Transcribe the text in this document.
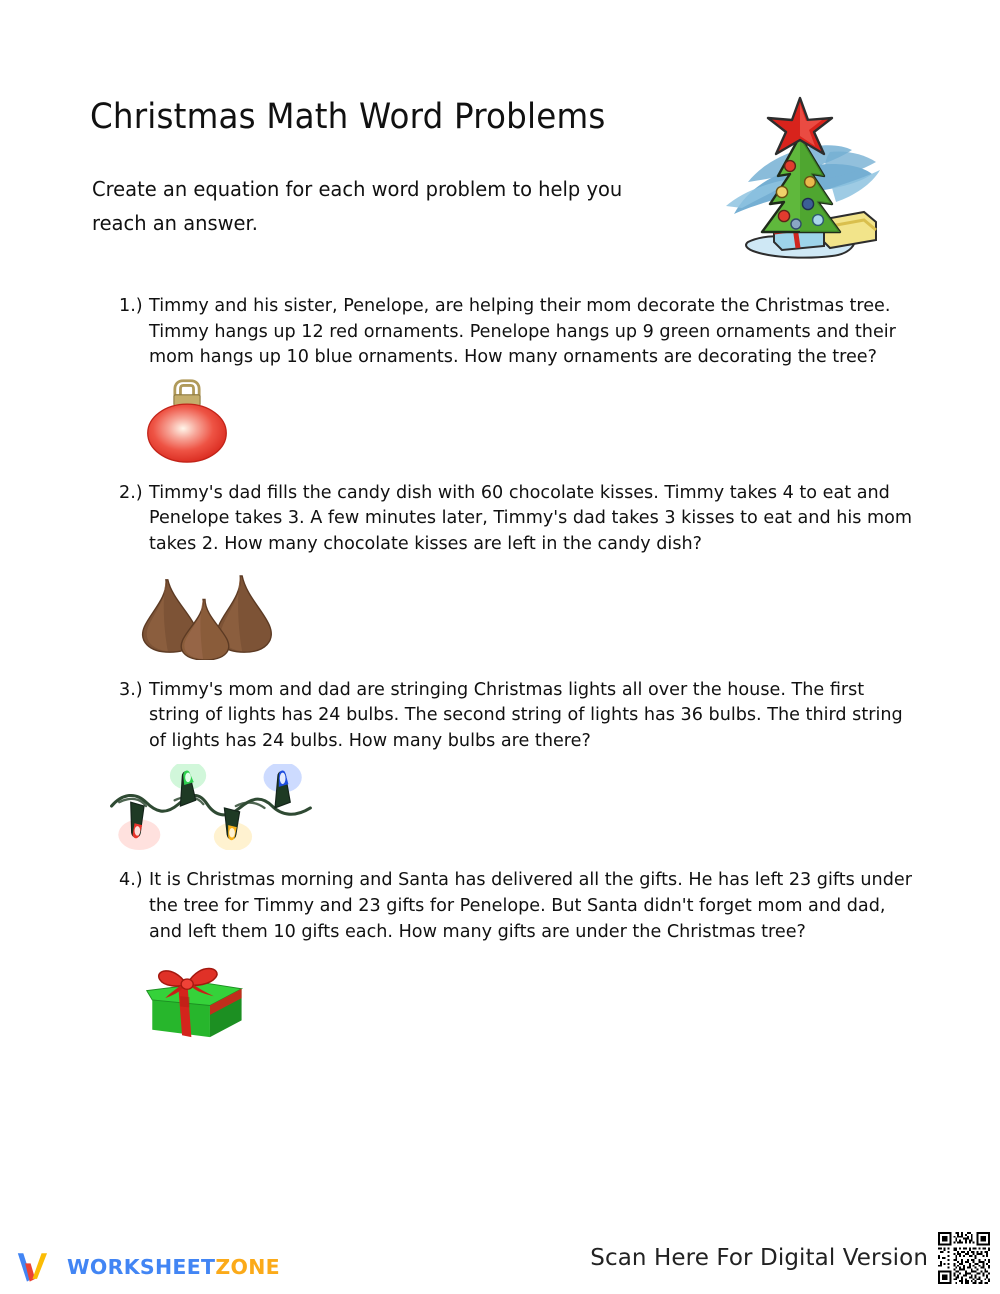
Christmas Math Word Problems
Create an equation for each word problem to help you reach an answer.
1.) Timmy and his sister, Penelope, are helping their mom decorate the Christmas tree. Timmy hangs up 12 red ornaments. Penelope hangs up 9 green ornaments and their mom hangs up 10 blue ornaments. How many ornaments are decorating the tree?
2.) Timmy's dad fills the candy dish with 60 chocolate kisses. Timmy takes 4 to eat and Penelope takes 3. A few minutes later, Timmy's dad takes 3 kisses to eat and his mom takes 2. How many chocolate kisses are left in the candy dish?
3.) Timmy's mom and dad are stringing Christmas lights all over the house. The first string of lights has 24 bulbs. The second string of lights has 36 bulbs. The third string of lights has 24 bulbs. How many bulbs are there?
4.) It is Christmas morning and Santa has delivered all the gifts. He has left 23 gifts under the tree for Timmy and 23 gifts for Penelope. But Santa didn't forget mom and dad, and left them 10 gifts each. How many gifts are under the Christmas tree?
WORKSHEETZONE	Scan Here For Digital Version
